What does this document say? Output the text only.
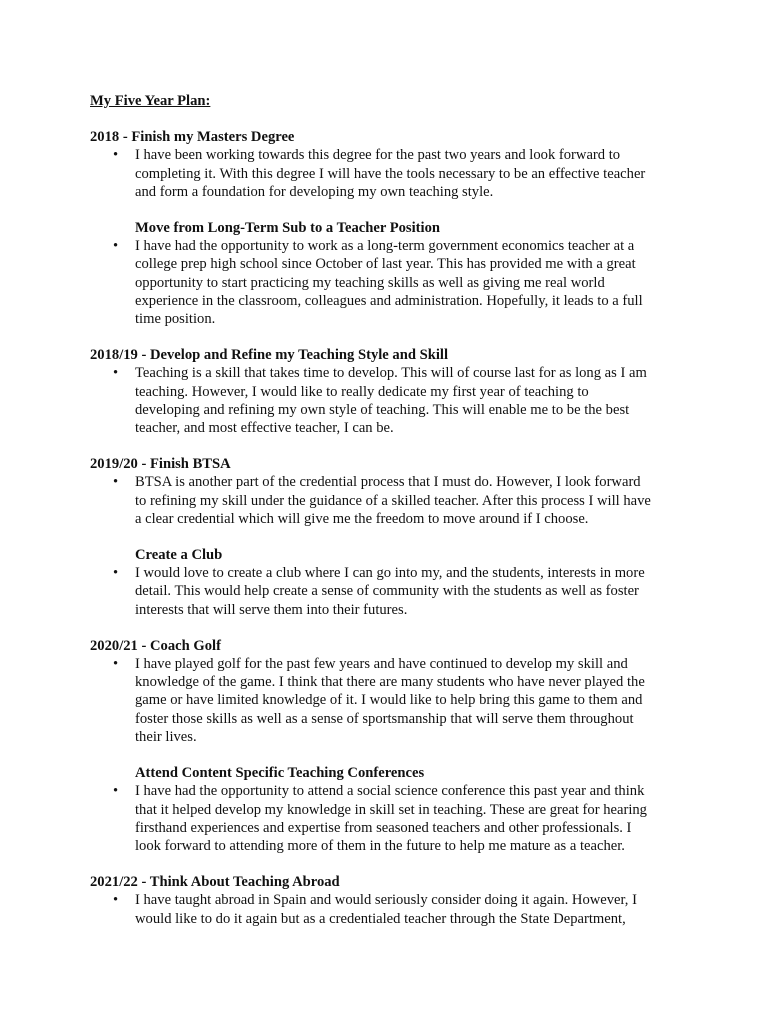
My Five Year Plan:
2018 - Finish my Masters Degree
• I have been working towards this degree for the past two years and look forward to
completing it. With this degree I will have the tools necessary to be an effective teacher
and form a foundation for developing my own teaching style.
Move from Long-Term Sub to a Teacher Position
• I have had the opportunity to work as a long-term government economics teacher at a
college prep high school since October of last year. This has provided me with a great
opportunity to start practicing my teaching skills as well as giving me real world
experience in the classroom, colleagues and administration. Hopefully, it leads to a full
time position.
2018/19 - Develop and Refine my Teaching Style and Skill
• Teaching is a skill that takes time to develop. This will of course last for as long as I am
teaching. However, I would like to really dedicate my first year of teaching to
developing and refining my own style of teaching. This will enable me to be the best
teacher, and most effective teacher, I can be.
2019/20 - Finish BTSA
• BTSA is another part of the credential process that I must do. However, I look forward
to refining my skill under the guidance of a skilled teacher. After this process I will have
a clear credential which will give me the freedom to move around if I choose.
Create a Club
• I would love to create a club where I can go into my, and the students, interests in more
detail. This would help create a sense of community with the students as well as foster
interests that will serve them into their futures.
2020/21 - Coach Golf
• I have played golf for the past few years and have continued to develop my skill and
knowledge of the game. I think that there are many students who have never played the
game or have limited knowledge of it. I would like to help bring this game to them and
foster those skills as well as a sense of sportsmanship that will serve them throughout
their lives.
Attend Content Specific Teaching Conferences
• I have had the opportunity to attend a social science conference this past year and think
that it helped develop my knowledge in skill set in teaching. These are great for hearing
firsthand experiences and expertise from seasoned teachers and other professionals. I
look forward to attending more of them in the future to help me mature as a teacher.
2021/22 - Think About Teaching Abroad
• I have taught abroad in Spain and would seriously consider doing it again. However, I
would like to do it again but as a credentialed teacher through the State Department,
